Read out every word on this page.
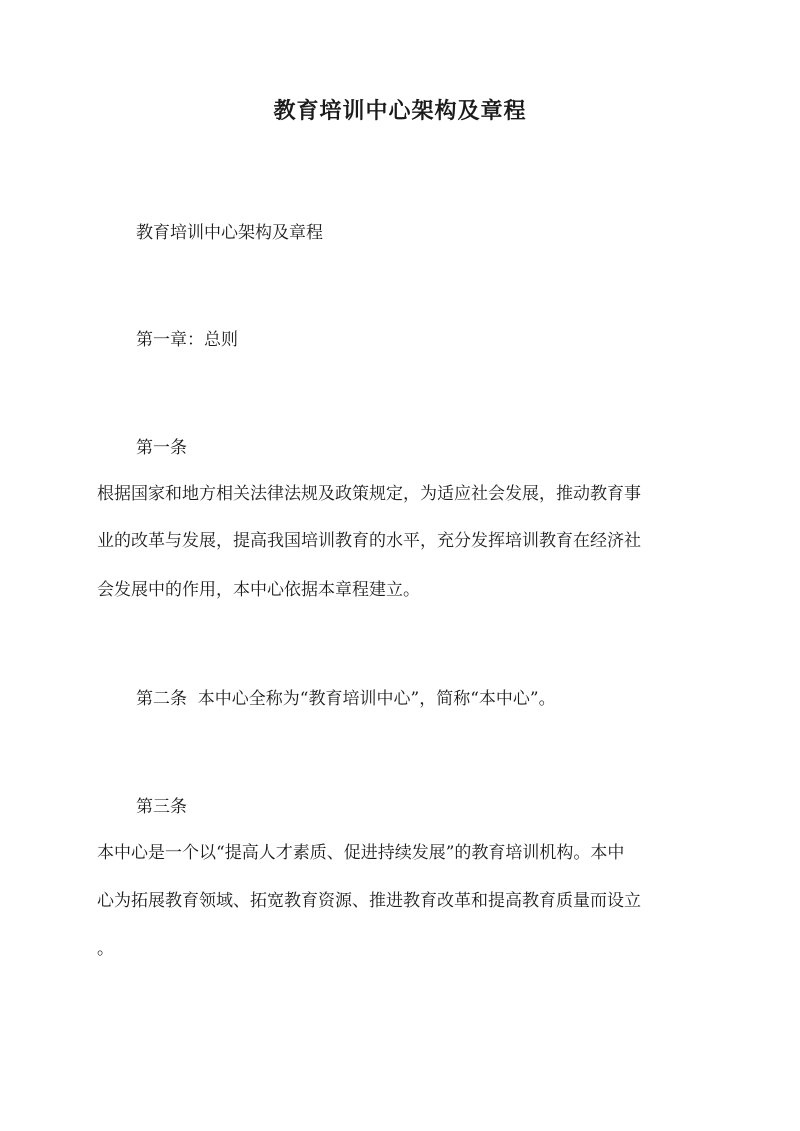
教育培训中心架构及章程
教育培训中心架构及章程
第一章：总则
第一条
根据国家和地方相关法律法规及政策规定，为适应社会发展，推动教育事
业的改革与发展，提高我国培训教育的水平，充分发挥培训教育在经济社
会发展中的作用，本中心依据本章程建立。
第二条  本中心全称为“教育培训中心”，简称“本中心”。
第三条
本中心是一个以“提高人才素质、促进持续发展”的教育培训机构。本中
心为拓展教育领域、拓宽教育资源、推进教育改革和提高教育质量而设立
。
